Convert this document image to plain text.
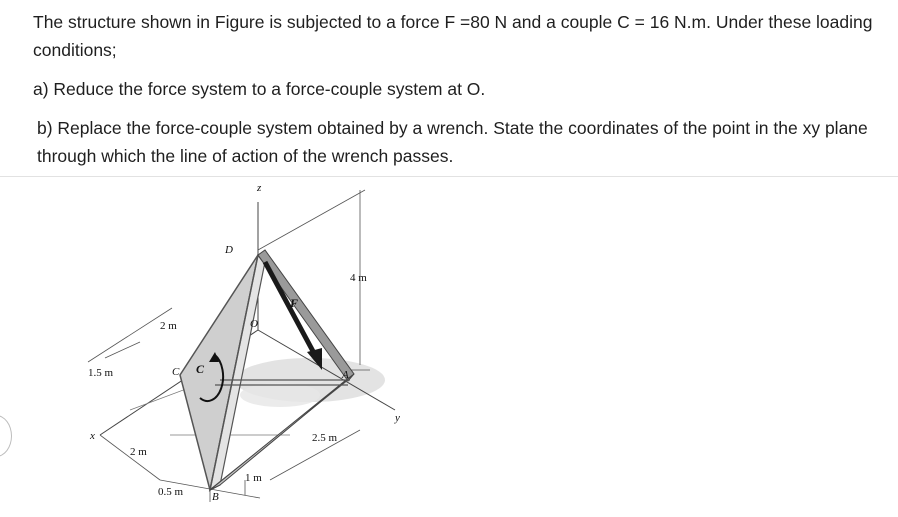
The structure shown in Figure is subjected to a force F =80 N and a couple C = 16 N.m. Under these loading conditions;

a) Reduce the force system to a force-couple system at O.

b) Replace the force-couple system obtained by a wrench. State the coordinates of the point in the xy plane through which the line of action of the wrench passes.

z
D
4 m
F
2 m	O
C C
1.5 m	A
y
x
2 m
2.5 m
1 m
0.5 m	B
